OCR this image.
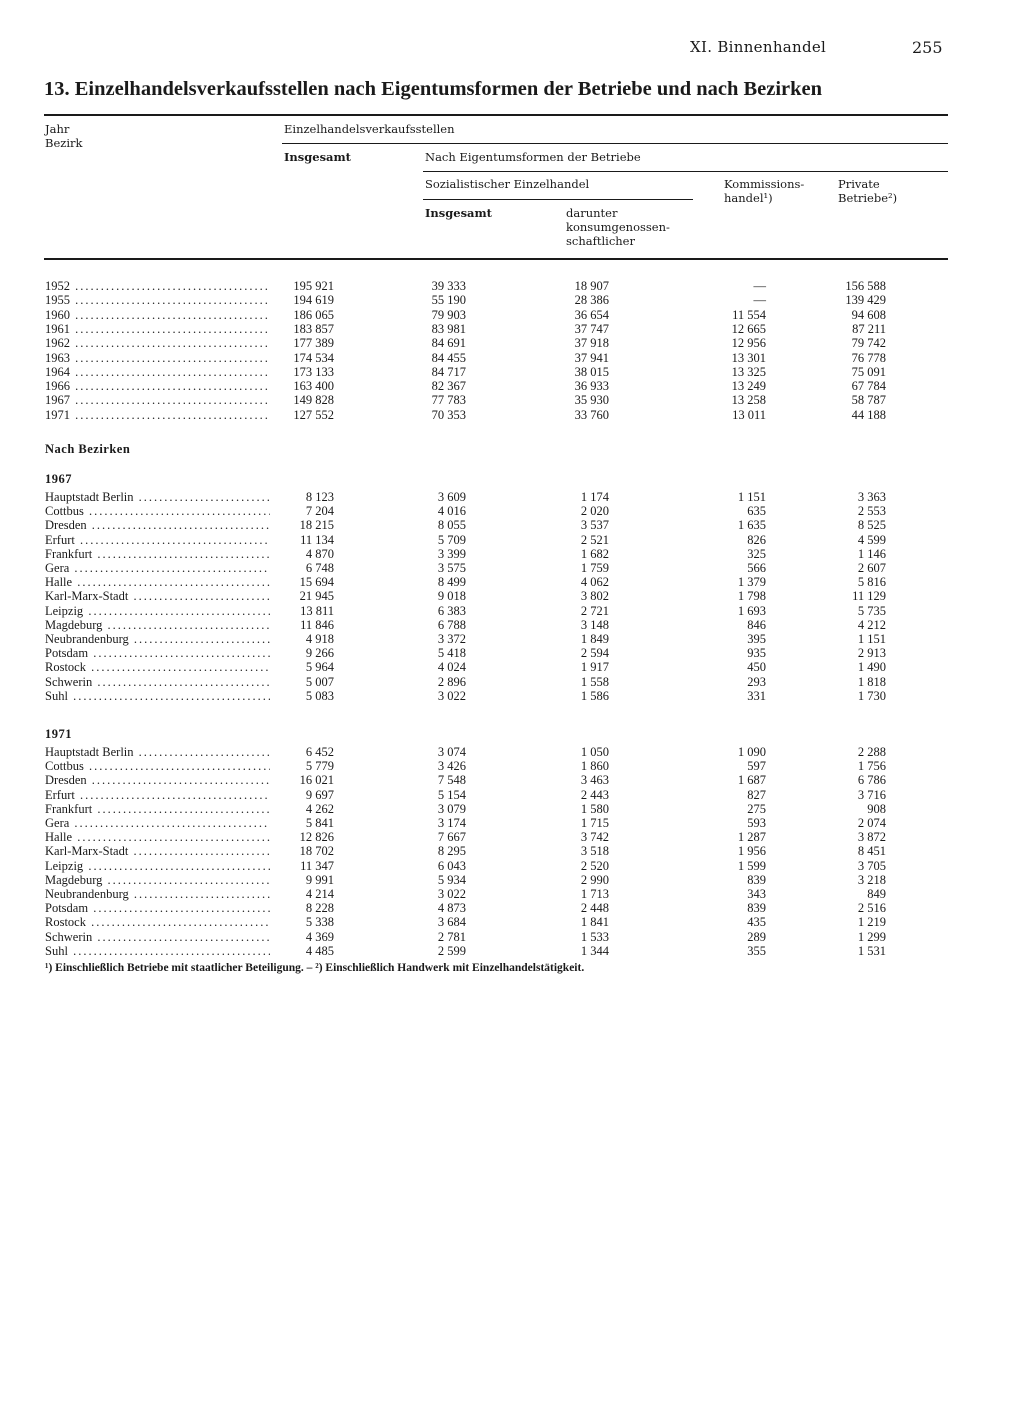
XI. Binnenhandel	255
13. Einzelhandelsverkaufsstellen nach Eigentumsformen der Betriebe und nach Bezirken
Jahr
Bezirk
Einzelhandelsverkaufsstellen
Insgesamt	Nach Eigentumsformen der Betriebe
Sozialistischer Einzelhandel
Insgesamt	darunter
konsumgenossen-
schaftlicher
Kommissions-
handel¹)
Private
Betriebe²)
1952 .....	195 921	39 333	18 907	—	156 588
1955 .....	194 619	55 190	28 386	—	139 429
1960 .....	186 065	79 903	36 654	11 554	94 608
1961 .....	183 857	83 981	37 747	12 665	87 211
1962 .....	177 389	84 691	37 918	12 956	79 742
1963 .....	174 534	84 455	37 941	13 301	76 778
1964 .....	173 133	84 717	38 015	13 325	75 091
1966 .....	163 400	82 367	36 933	13 249	67 784
1967 .....	149 828	77 783	35 930	13 258	58 787
1971 .....	127 552	70 353	33 760	13 011	44 188
Nach Bezirken
1967
Hauptstadt Berlin .....	8 123	3 609	1 174	1 151	3 363
Cottbus .....	7 204	4 016	2 020	635	2 553
Dresden .....	18 215	8 055	3 537	1 635	8 525
Erfurt .....	11 134	5 709	2 521	826	4 599
Frankfurt .....	4 870	3 399	1 682	325	1 146
Gera .....	6 748	3 575	1 759	566	2 607
Halle .....	15 694	8 499	4 062	1 379	5 816
Karl-Marx-Stadt .....	21 945	9 018	3 802	1 798	11 129
Leipzig .....	13 811	6 383	2 721	1 693	5 735
Magdeburg .....	11 846	6 788	3 148	846	4 212
Neubrandenburg .....	4 918	3 372	1 849	395	1 151
Potsdam .....	9 266	5 418	2 594	935	2 913
Rostock .....	5 964	4 024	1 917	450	1 490
Schwerin .....	5 007	2 896	1 558	293	1 818
Suhl .....	5 083	3 022	1 586	331	1 730
1971
Hauptstadt Berlin .....	6 452	3 074	1 050	1 090	2 288
Cottbus .....	5 779	3 426	1 860	597	1 756
Dresden .....	16 021	7 548	3 463	1 687	6 786
Erfurt .....	9 697	5 154	2 443	827	3 716
Frankfurt .....	4 262	3 079	1 580	275	908
Gera .....	5 841	3 174	1 715	593	2 074
Halle .....	12 826	7 667	3 742	1 287	3 872
Karl-Marx-Stadt .....	18 702	8 295	3 518	1 956	8 451
Leipzig .....	11 347	6 043	2 520	1 599	3 705
Magdeburg .....	9 991	5 934	2 990	839	3 218
Neubrandenburg .....	4 214	3 022	1 713	343	849
Potsdam .....	8 228	4 873	2 448	839	2 516
Rostock .....	5 338	3 684	1 841	435	1 219
Schwerin .....	4 369	2 781	1 533	289	1 299
Suhl .....	4 485	2 599	1 344	355	1 531
¹) Einschließlich Betriebe mit staatlicher Beteiligung. – ²) Einschließlich Handwerk mit Einzelhandelstätigkeit.
